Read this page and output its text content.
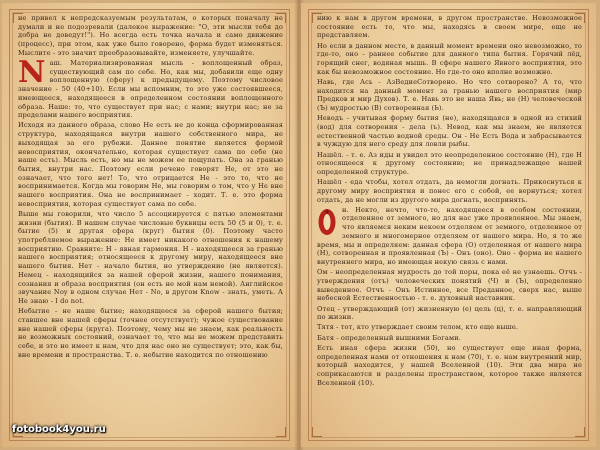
не привел к непредсказуемым результатам, о которых поначалу не думали и не подозревали (далекое выражение: "О, эти мысли тебя до добра не доведут!"). Но всегда есть точка начала и само движение (процесс), при этом, как уже было говорено, форма будет изменяться. Мыслите - это значит преобразовывайте, изменяете, улучшайте.

Nаш. Материализированная мысль - воплощенный образ, существующий сам по себе. Но, как мы, добавили еще одну воплощенную (сферу) к предыдущему. Поэтому числовое значение - 50 (40+10). Если мы вспомним, то это уже состоявшееся, имеющееся, находящееся в определенном состоянии воплощенного образа. Наше: то, что существует при нас; с нами; внутри нас; не за пределами нашего восприятия.

Исходя из данного образа, слово Не есть не до конца сформированная структура, находящаяся внутри нашего собственного мира, не выходящая за его рубежи. Данное понятие является формой невосприятия, окончательно, которая существует сама по себе (не наше есть). Мысль есть, но мы не можем ее пощупать. Она за гранью бытия, внутри нас. Поэтому если речено говорят Не, от это не означает, что того нет! То, что отрицается Не - это то, что не воспринимается. Когда мы говорим Не, мы говорим о том, что у Не вне нашего восприятия. Она не воспринимает - ходит. Т. е. это форма невосприятия, которая существует сама по себе.

Выше мы говорили, что число 5 ассоциируется с пятью элементами жизни (бытия). В нашем случае числовые буквицы есть 50 (5 и 0), т. е. бытие (5) и другая сфера (круг) бытия (0). Поэтому часто употребляемое выражение: Не имеет никакого отношения к нашему восприятию. Сравните: Н - явная гармония. Н - находящееся за гранью нашего восприятия; относящееся к другому миру, находящееся вне нашего бытия. Нет - начало бытия, но утверждение (не является). Немец - находящийся за нашей сферой жизни, нашего понимания, сознания и образа восприятия (он есть не мой нам немой). Английское звучание Noy в одном случае Нет - No, в другом Know - знать, уметь. А Не знаю - I do not.

Небытие - не наше бытие; находящееся за сферой нашего бытия; ставшее вне нашей сферы (точнее отсутствует); чужое существование вне нашей сферы (круга). Поэтому, чему мы не знаем, как реальность не возможных состояний, означает то, что мы не можем представить себе, и это не имеет к нам, что для нас оно не существует; это, как бы, вне времени и пространства. Т. е. небытие находится по отношению

fotobook4you.ru

нию к нам в другом времени, в другом пространстве. Невозможное состояние есть то, что мы, находясь в своем мире, еще не представляем.

Но если в данном месте, в данный момент времени оно невозможно, то где-то, оно - раннее событие для данного типа бытия. Горячий лёд, горящий снег, водяная мышь. В сфере нашего Явного восприятия, это как бы невозможное состояние. Но где-то оно вполне возможно.

Навь, где Ась - АзВедиеСотворено. Но что сотворено? А то, что находится на данный момент за гранью нашего восприятия (мир Предков и мир Духов). Т. е. Навь это не наша Явь; не (Н) человеческой (Ъ) мудростью (В) сотворенная (Ь).

Неводъ - учитывая форму бытия (не), находящаяся в одной из стихий (вод) для сотворения - дела (ъ). Невод, как мы знаем, не является естественной частью водной среды. Он - Не Есть Вода и забрасывается в чуждую для него среду для ловли рыбы.

Нашёл. - т. е. Аз иды и увидел это неопределенное состояние (Н), где Н относящееся к другому состоянию; не принадлежащее нашей определенной структуре.

Нашёл - еда чтобы, хотел отдать, да немогли догнать. Прикоснуться к другому миру восприятия и понес его с собой, ее вернуться; хотел отдать, да не могли из другого мира догнать, воспринять.

н. Некто, нечто, что-то, находящееся в особом состоянии, отделенное от земного, но для нас уже проявленное. Мы знаем, что являемся неким некоем отделяем от земного, отделенное от земного и многомерное отделяем от нашего мира. Но, я то же время, мы и определяем: данная сфера (О) отделенная от нашего мира (Н), сотворенная и проявленная (Ъ) - Онъ (оно). Оно - форма не нашего внутреннего мира, но имеющая некую связь с нами.

Ом - неопределенная мудрость до той поры, пока её не узнаешь. Отчъ - утверждения (отъ) человеческих понятий (Ч) и (Ъ), определенно выведенное. Отчъ - Онъ Истинное, все Преданное, сверх нас, выше небесной Естественностью - т. е. духовный наставник.

Отец - утверждающий (от) жизненную (е) цель (ц), т. е. направляющий по жизни.

Тятя - тот, кто утверждает своим телом, кто еще выше.

Батя - определенный вышними Богами.

Есть иная сфера жизни (50), но существует еще иная форма, определенная нами от отношения к нам (70), т. е. нам внутренний мир, который находится, у нашей Вселенной (10). Эти два мира не соприкасаются и разделены пространством, которое также является Вселенной (10).
